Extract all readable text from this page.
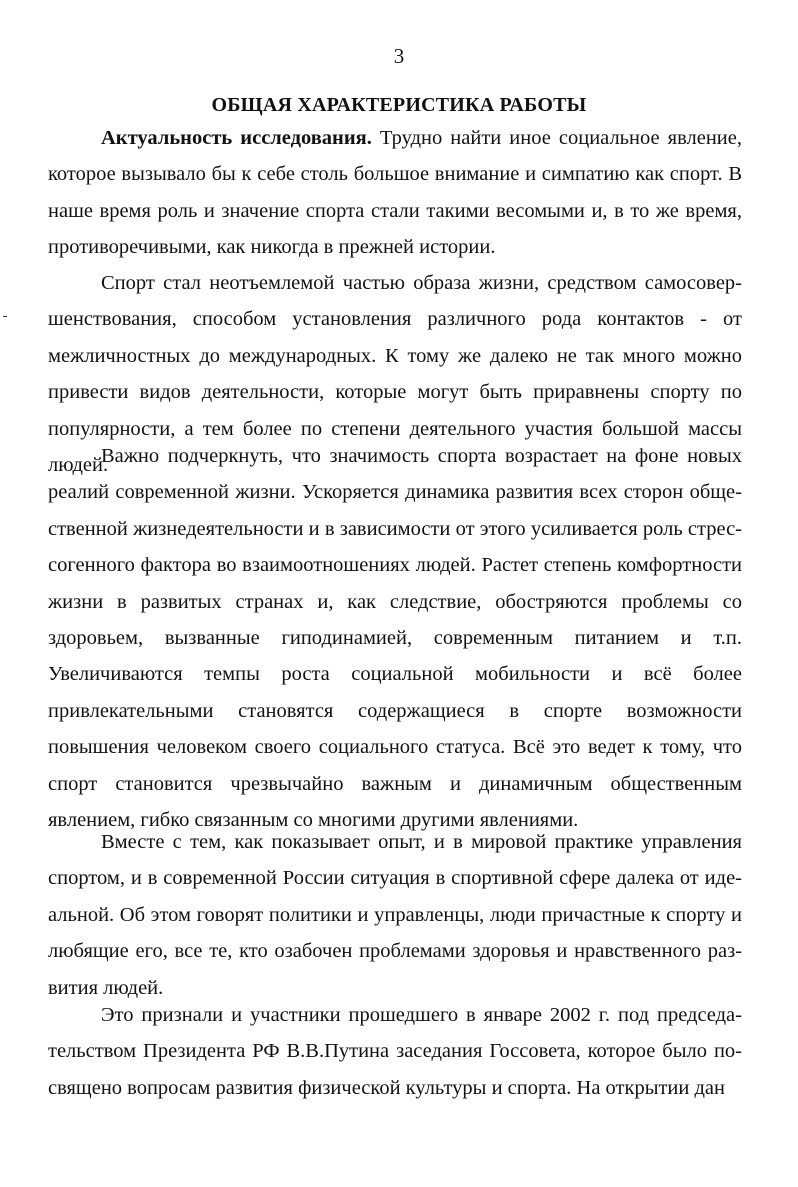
3
ОБЩАЯ ХАРАКТЕРИСТИКА РАБОТЫ

Актуальность исследования. Трудно найти иное социальное явление, которое вызывало бы к себе столь большое внимание и симпатию как спорт. В наше время роль и значение спорта стали такими весомыми и, в то же время, противоречивыми, как никогда в прежней истории.

Спорт стал неотъемлемой частью образа жизни, средством самосовершенствования, способом установления различного рода контактов - от межличностных до международных. К тому же далеко не так много можно привести видов деятельности, которые могут быть приравнены спорту по популярности, а тем более по степени деятельного участия большой массы людей.

Важно подчеркнуть, что значимость спорта возрастает на фоне новых реалий современной жизни. Ускоряется динамика развития всех сторон общественной жизнедеятельности и в зависимости от этого усиливается роль стрессогенного фактора во взаимоотношениях людей. Растет степень комфортности жизни в развитых странах и, как следствие, обостряются проблемы со здоровьем, вызванные гиподинамией, современным питанием и т.п. Увеличиваются темпы роста социальной мобильности и всё более привлекательными становятся содержащиеся в спорте возможности повышения человеком своего социального статуса. Всё это ведет к тому, что спорт становится чрезвычайно важным и динамичным общественным явлением, гибко связанным со многими другими явлениями.

Вместе с тем, как показывает опыт, и в мировой практике управления спортом, и в современной России ситуация в спортивной сфере далека от идеальной. Об этом говорят политики и управленцы, люди причастные к спорту и любящие его, все те, кто озабочен проблемами здоровья и нравственного развития людей.

Это признали и участники прошедшего в январе 2002 г. под председательством Президента РФ В.В.Путина заседания Госсовета, которое было посвящено вопросам развития физической культуры и спорта. На открытии дан
